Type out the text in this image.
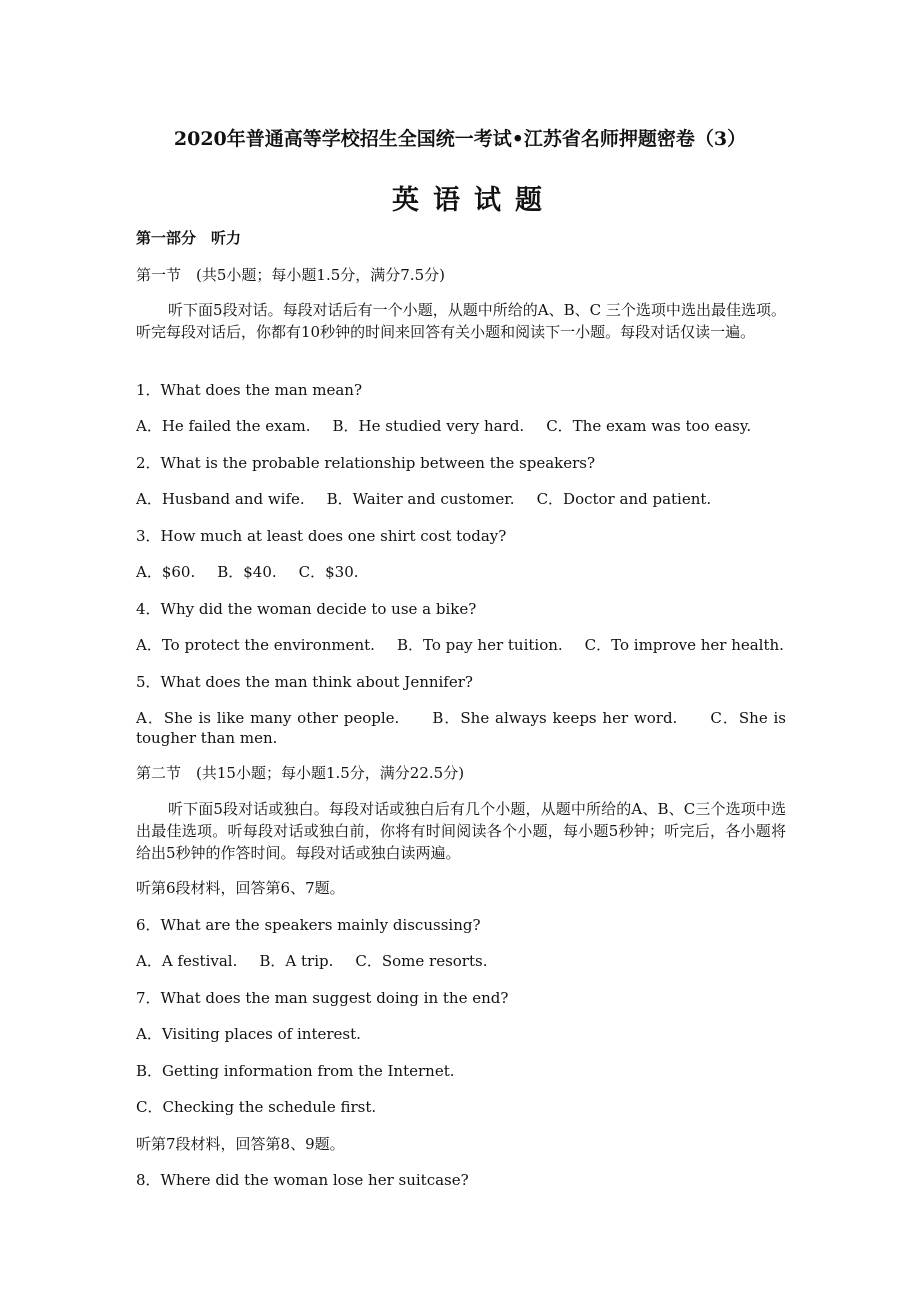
2020年普通高等学校招生全国统一考试•江苏省名师押题密卷（3）
英语试题
第一部分　听力
第一节　(共5小题；每小题1.5分，满分7.5分)
听下面5段对话。每段对话后有一个小题，从题中所给的A、B、C 三个选项中选出最佳选项。听完每段对话后，你都有10秒钟的时间来回答有关小题和阅读下一小题。每段对话仅读一遍。
1．What does the man mean?
A．He failed the exam. B．He studied very hard. C．The exam was too easy.
2．What is the probable relationship between the speakers?
A．Husband and wife. B．Waiter and customer. C．Doctor and patient.
3．How much at least does one shirt cost today?
A．$60. B．$40. C．$30.
4．Why did the woman decide to use a bike?
A．To protect the environment. B．To pay her tuition. C．To improve her health.
5．What does the man think about Jennifer?
A．She is like many other people.　　B．She always keeps her word.　　C．She is tougher than men.
第二节　(共15小题；每小题1.5分，满分22.5分)
听下面5段对话或独白。每段对话或独白后有几个小题，从题中所给的A、B、C三个选项中选出最佳选项。听每段对话或独白前，你将有时间阅读各个小题，每小题5秒钟；听完后，各小题将给出5秒钟的作答时间。每段对话或独白读两遍。
听第6段材料，回答第6、7题。
6．What are the speakers mainly discussing?
A．A festival. B．A trip. C．Some resorts.
7．What does the man suggest doing in the end?
A．Visiting places of interest.
B．Getting information from the Internet.
C．Checking the schedule first.
听第7段材料，回答第8、9题。
8．Where did the woman lose her suitcase?
